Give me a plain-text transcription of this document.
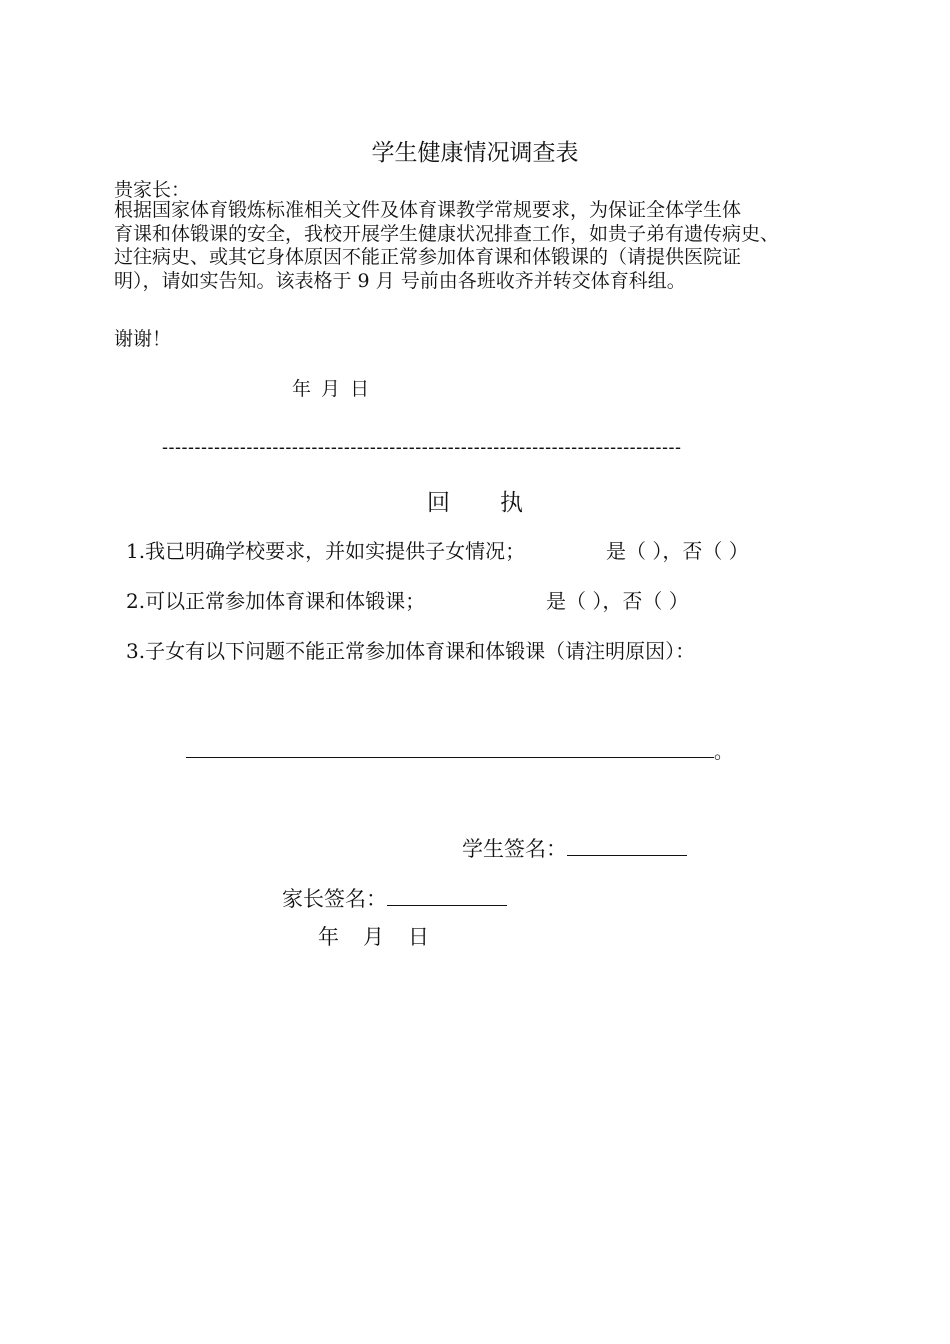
学生健康情况调查表
贵家长：
根据国家体育锻炼标准相关文件及体育课教学常规要求，为保证全体学生体
育课和体锻课的安全，我校开展学生健康状况排查工作，如贵子弟有遗传病史、
过往病史、或其它身体原因不能正常参加体育课和体锻课的（请提供医院证
明），请如实告知。该表格于 9 月 号前由各班收齐并转交体育科组。
谢谢！
年 月 日
--------------------------------------------------------------------------------
回 执
1.我已明确学校要求，并如实提供子女情况；	是（ ），否（ ）
2.可以正常参加体育课和体锻课；	是（ ），否（ ）
3.子女有以下问题不能正常参加体育课和体锻课（请注明原因）：
。
学生签名：
家长签名：
年 月 日
